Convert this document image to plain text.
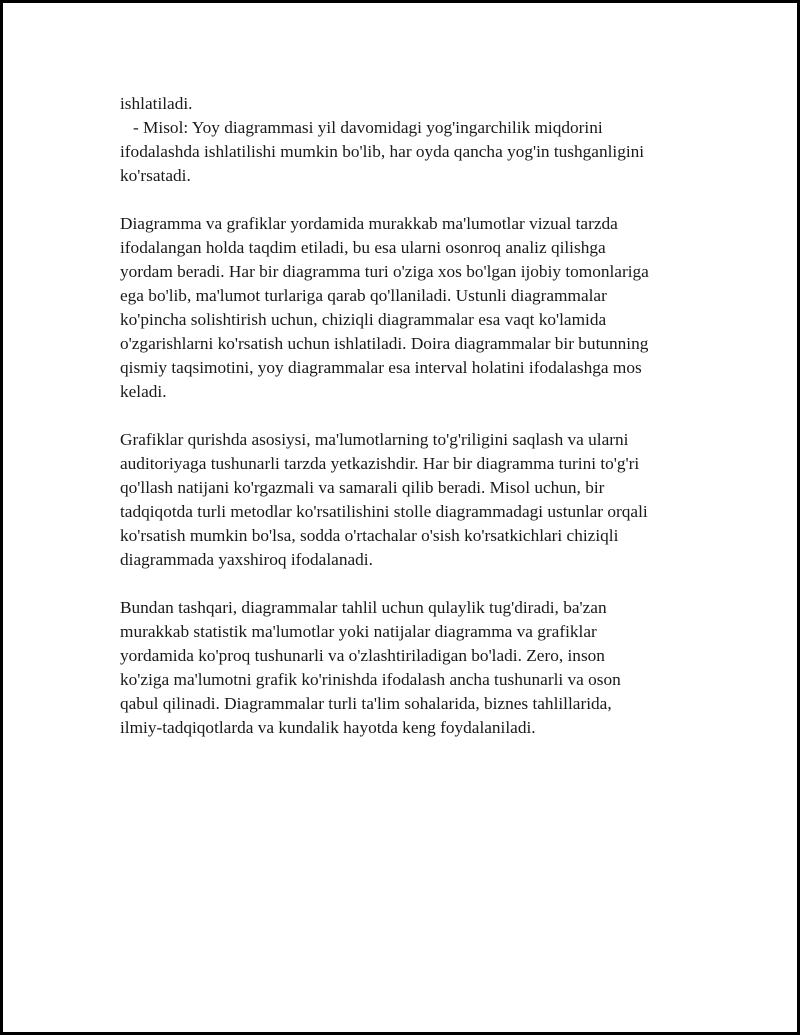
ishlatiladi.
- Misol: Yoy diagrammasi yil davomidagi yog'ingarchilik miqdorini
ifodalashda ishlatilishi mumkin bo'lib, har oyda qancha yog'in tushganligini
ko'rsatadi.
Diagramma va grafiklar yordamida murakkab ma'lumotlar vizual tarzda
ifodalangan holda taqdim etiladi, bu esa ularni osonroq analiz qilishga
yordam beradi. Har bir diagramma turi o'ziga xos bo'lgan ijobiy tomonlariga
ega bo'lib, ma'lumot turlariga qarab qo'llaniladi. Ustunli diagrammalar
ko'pincha solishtirish uchun, chiziqli diagrammalar esa vaqt ko'lamida
o'zgarishlarni ko'rsatish uchun ishlatiladi. Doira diagrammalar bir butunning
qismiy taqsimotini, yoy diagrammalar esa interval holatini ifodalashga mos
keladi.
Grafiklar qurishda asosiysi, ma'lumotlarning to'g'riligini saqlash va ularni
auditoriyaga tushunarli tarzda yetkazishdir. Har bir diagramma turini to'g'ri
qo'llash natijani ko'rgazmali va samarali qilib beradi. Misol uchun, bir
tadqiqotda turli metodlar ko'rsatilishini stolle diagrammadagi ustunlar orqali
ko'rsatish mumkin bo'lsa, sodda o'rtachalar o'sish ko'rsatkichlari chiziqli
diagrammada yaxshiroq ifodalanadi.
Bundan tashqari, diagrammalar tahlil uchun qulaylik tug'diradi, ba'zan
murakkab statistik ma'lumotlar yoki natijalar diagramma va grafiklar
yordamida ko'proq tushunarli va o'zlashtiriladigan bo'ladi. Zero, inson
ko'ziga ma'lumotni grafik ko'rinishda ifodalash ancha tushunarli va oson
qabul qilinadi. Diagrammalar turli ta'lim sohalarida, biznes tahlillarida,
ilmiy-tadqiqotlarda va kundalik hayotda keng foydalaniladi.
